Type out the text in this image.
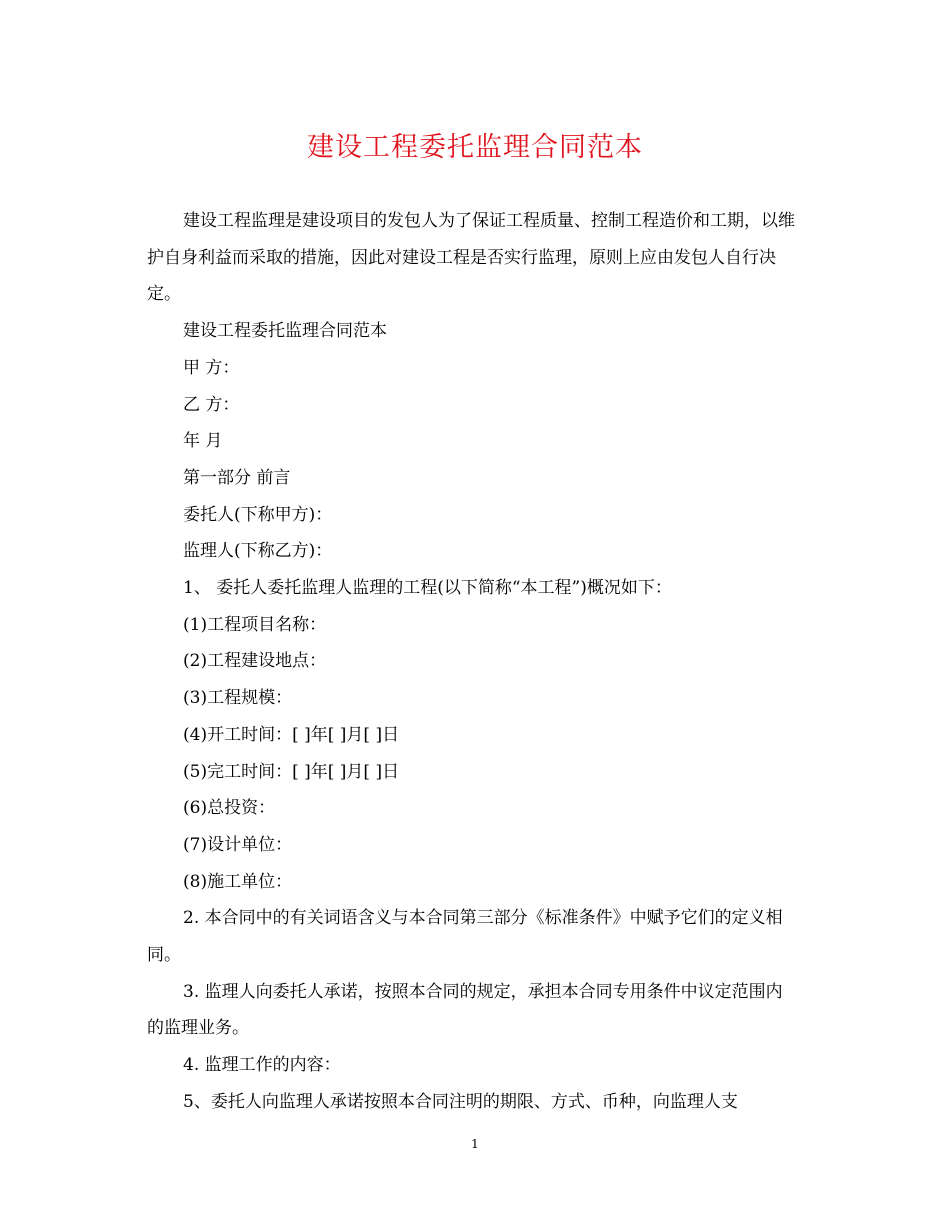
建设工程委托监理合同范本

建设工程监理是建设项目的发包人为了保证工程质量、控制工程造价和工期，以维护自身利益而采取的措施，因此对建设工程是否实行监理，原则上应由发包人自行决定。

建设工程委托监理合同范本

甲 方：

乙 方：

年 月

第一部分 前言

委托人(下称甲方)：

监理人(下称乙方)：

1、 委托人委托监理人监理的工程(以下简称“本工程”)概况如下：

(1)工程项目名称：

(2)工程建设地点：

(3)工程规模：

(4)开工时间：[ ]年[ ]月[ ]日

(5)完工时间：[ ]年[ ]月[ ]日

(6)总投资：

(7)设计单位：

(8)施工单位：

2. 本合同中的有关词语含义与本合同第三部分《标准条件》中赋予它们的定义相同。

3. 监理人向委托人承诺，按照本合同的规定，承担本合同专用条件中议定范围内的监理业务。

4. 监理工作的内容：

5、委托人向监理人承诺按照本合同注明的期限、方式、币种，向监理人支

1
